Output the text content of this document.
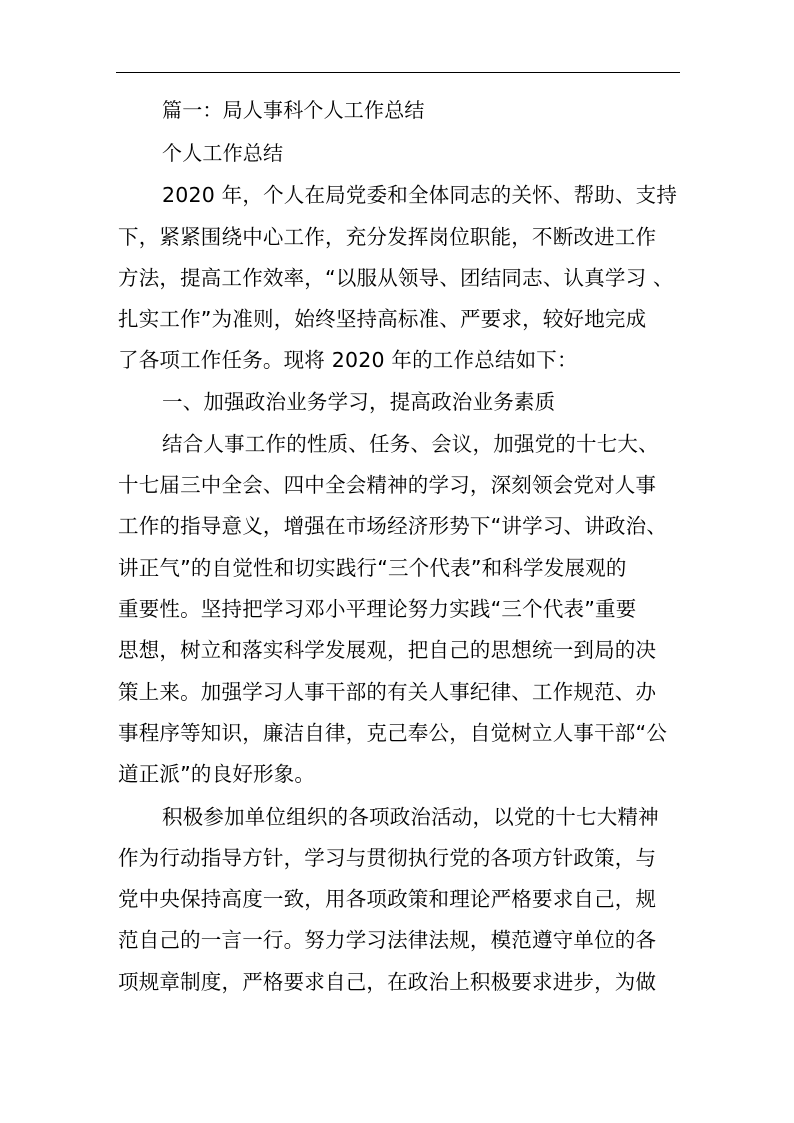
篇一：局人事科个人工作总结
个人工作总结
2020 年，个人在局党委和全体同志的关怀、帮助、支持
下，紧紧围绕中心工作，充分发挥岗位职能，不断改进工作
方法，提高工作效率，“以服从领导、团结同志、认真学习 、
扎实工作”为准则，始终坚持高标准、严要求，较好地完成
了各项工作任务。现将 2020 年的工作总结如下：
一、加强政治业务学习，提高政治业务素质
结合人事工作的性质、任务、会议，加强党的十七大、
十七届三中全会、四中全会精神的学习，深刻领会党对人事
工作的指导意义，增强在市场经济形势下“讲学习、讲政治、
讲正气”的自觉性和切实践行“三个代表”和科学发展观的
重要性。坚持把学习邓小平理论努力实践“三个代表”重要
思想，树立和落实科学发展观，把自己的思想统一到局的决
策上来。加强学习人事干部的有关人事纪律、工作规范、办
事程序等知识，廉洁自律，克己奉公，自觉树立人事干部“公
道正派”的良好形象。
积极参加单位组织的各项政治活动，以党的十七大精神
作为行动指导方针，学习与贯彻执行党的各项方针政策，与
党中央保持高度一致，用各项政策和理论严格要求自己，规
范自己的一言一行。努力学习法律法规，模范遵守单位的各
项规章制度，严格要求自己，在政治上积极要求进步，为做
